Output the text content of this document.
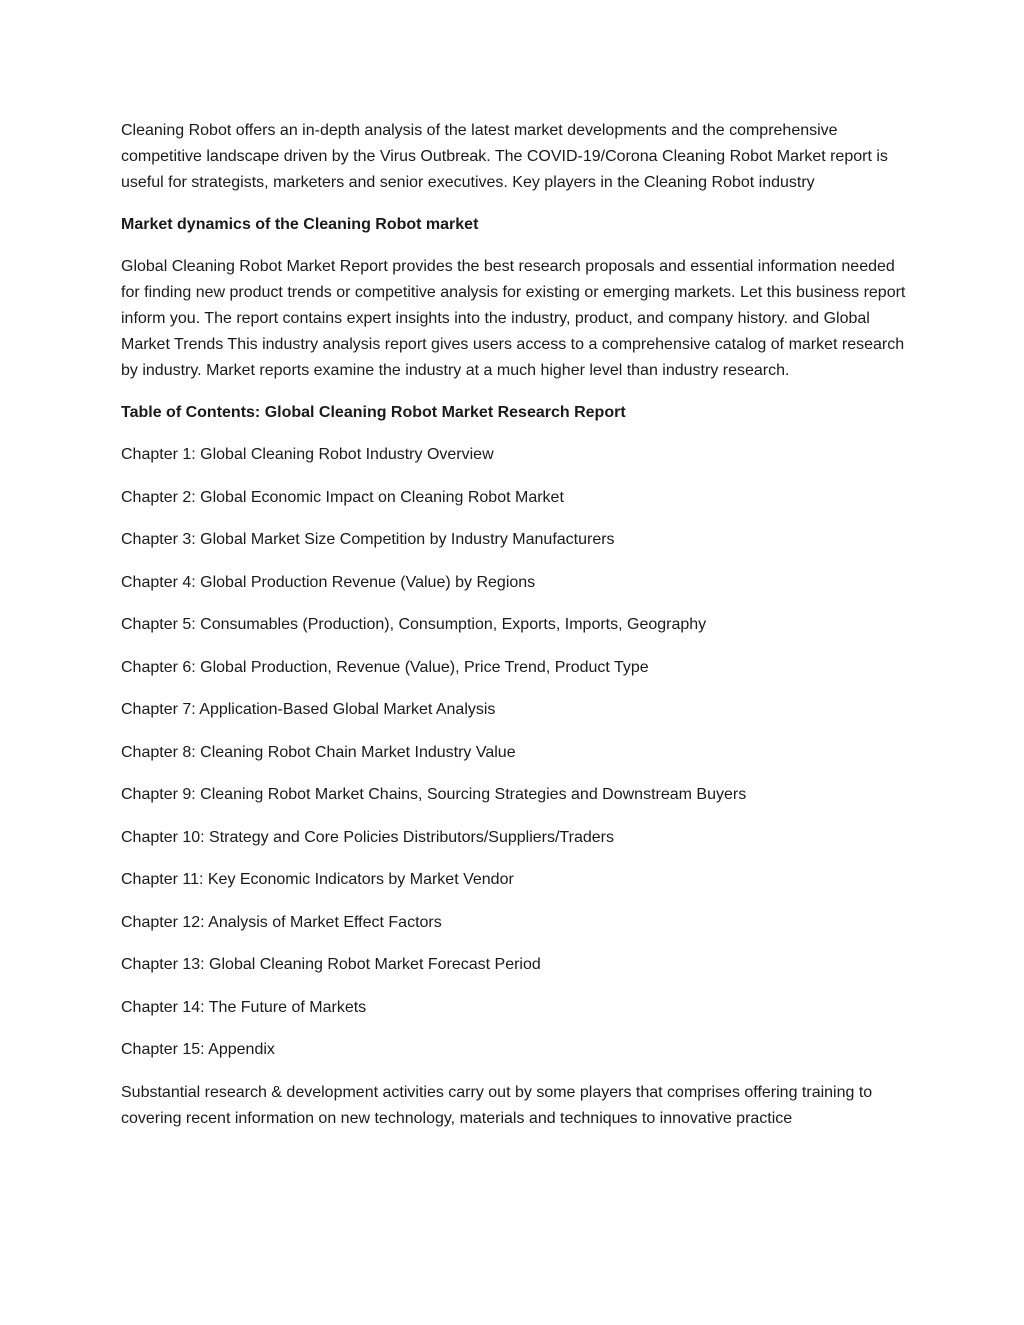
Cleaning Robot offers an in-depth analysis of the latest market developments and the comprehensive competitive landscape driven by the Virus Outbreak. The COVID-19/Corona Cleaning Robot Market report is useful for strategists, marketers and senior executives. Key players in the Cleaning Robot industry

Market dynamics of the Cleaning Robot market

Global Cleaning Robot Market Report provides the best research proposals and essential information needed for finding new product trends or competitive analysis for existing or emerging markets. Let this business report inform you. The report contains expert insights into the industry, product, and company history. and Global Market Trends This industry analysis report gives users access to a comprehensive catalog of market research by industry. Market reports examine the industry at a much higher level than industry research.

Table of Contents: Global Cleaning Robot Market Research Report
Chapter 1: Global Cleaning Robot Industry Overview
Chapter 2: Global Economic Impact on Cleaning Robot Market
Chapter 3: Global Market Size Competition by Industry Manufacturers
Chapter 4: Global Production Revenue (Value) by Regions
Chapter 5: Consumables (Production), Consumption, Exports, Imports, Geography
Chapter 6: Global Production, Revenue (Value), Price Trend, Product Type
Chapter 7: Application-Based Global Market Analysis
Chapter 8: Cleaning Robot Chain Market Industry Value
Chapter 9: Cleaning Robot Market Chains, Sourcing Strategies and Downstream Buyers
Chapter 10: Strategy and Core Policies Distributors/Suppliers/Traders
Chapter 11: Key Economic Indicators by Market Vendor
Chapter 12: Analysis of Market Effect Factors
Chapter 13: Global Cleaning Robot Market Forecast Period
Chapter 14: The Future of Markets
Chapter 15: Appendix

Substantial research & development activities carry out by some players that comprises offering training to covering recent information on new technology, materials and techniques to innovative practice
